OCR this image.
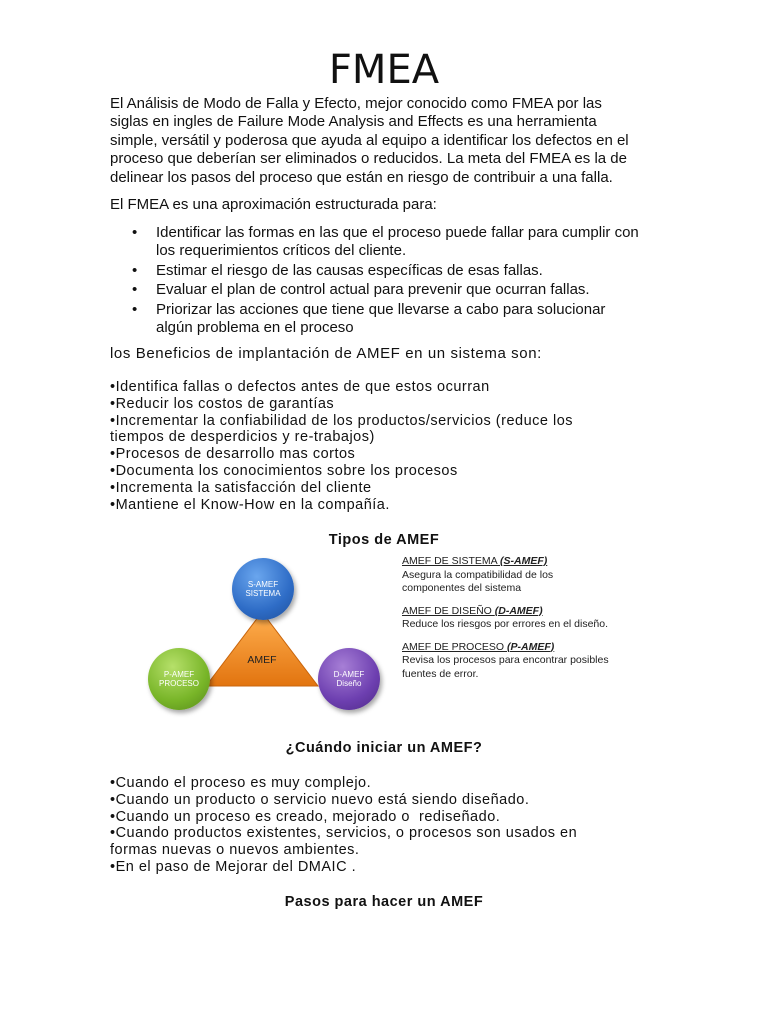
FMEA
El Análisis de Modo de Falla y Efecto, mejor conocido como FMEA por las
siglas en ingles de Failure Mode Analysis and Effects es una herramienta
simple, versátil y poderosa que ayuda al equipo a identificar los defectos en el
proceso que deberían ser eliminados o reducidos. La meta del FMEA es la de
delinear los pasos del proceso que están en riesgo de contribuir a una falla.
El FMEA es una aproximación estructurada para:
• Identificar las formas en las que el proceso puede fallar para cumplir con
los requerimientos críticos del cliente.
• Estimar el riesgo de las causas específicas de esas fallas.
• Evaluar el plan de control actual para prevenir que ocurran fallas.
• Priorizar las acciones que tiene que llevarse a cabo para solucionar
algún problema en el proceso
los Beneficios de implantación de AMEF en un sistema son:
•Identifica fallas o defectos antes de que estos ocurran
•Reducir los costos de garantías
•Incrementar la confiabilidad de los productos/servicios (reduce los
tiempos de desperdicios y re-trabajos)
•Procesos de desarrollo mas cortos
•Documenta los conocimientos sobre los procesos
•Incrementa la satisfacción del cliente
•Mantiene el Know-How en la compañía.
Tipos de AMEF
AMEF
S-AMEF
SISTEMA
P-AMEF
PROCESO
D-AMEF
Diseño
AMEF DE SISTEMA (S-AMEF)
Asegura la compatibilidad de los
componentes del sistema
AMEF DE DISEÑO (D-AMEF)
Reduce los riesgos por errores en el diseño.
AMEF DE PROCESO (P-AMEF)
Revisa los procesos para encontrar posibles
fuentes de error.
¿Cuándo iniciar un AMEF?
•Cuando el proceso es muy complejo.
•Cuando un producto o servicio nuevo está siendo diseñado.
•Cuando un proceso es creado, mejorado o  rediseñado.
•Cuando productos existentes, servicios, o procesos son usados en
formas nuevas o nuevos ambientes.
•En el paso de Mejorar del DMAIC .
Pasos para hacer un AMEF
